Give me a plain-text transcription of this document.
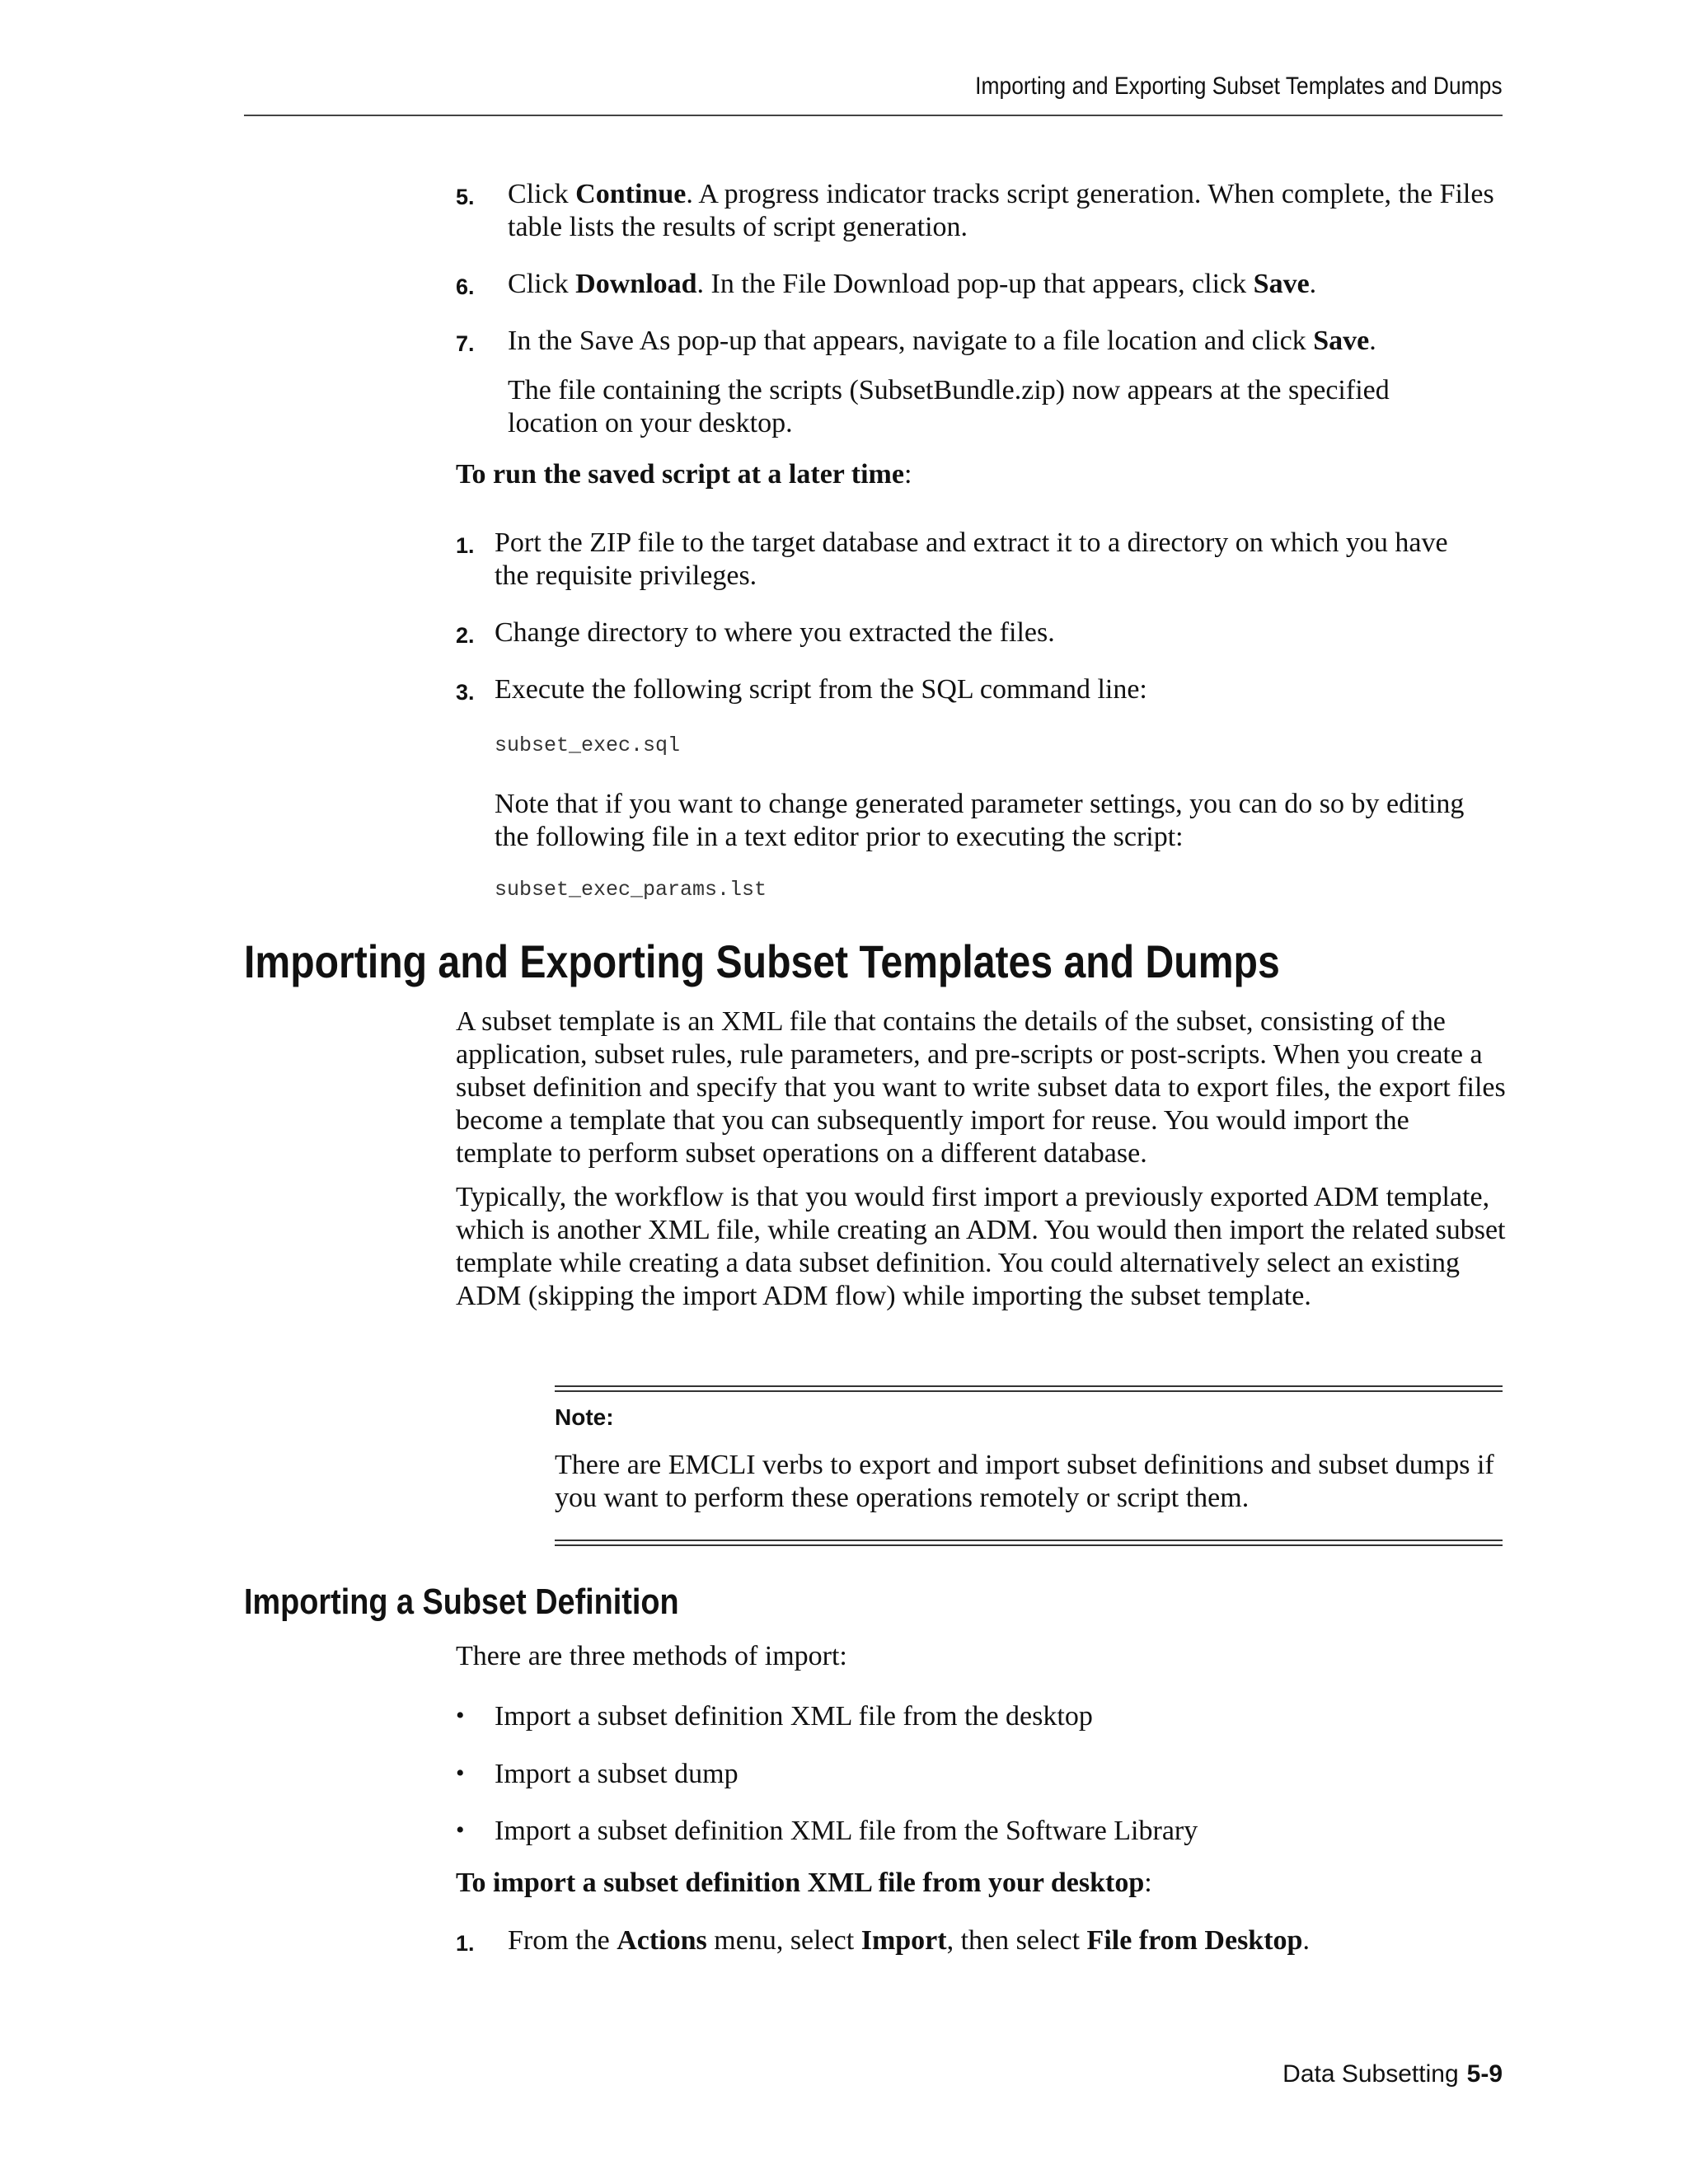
Importing and Exporting Subset Templates and Dumps
5. Click Continue. A progress indicator tracks script generation. When complete, the Files table lists the results of script generation.
6. Click Download. In the File Download pop-up that appears, click Save.
7. In the Save As pop-up that appears, navigate to a file location and click Save.
The file containing the scripts (SubsetBundle.zip) now appears at the specified location on your desktop.
To run the saved script at a later time:
1. Port the ZIP file to the target database and extract it to a directory on which you have the requisite privileges.
2. Change directory to where you extracted the files.
3. Execute the following script from the SQL command line:
subset_exec.sql
Note that if you want to change generated parameter settings, you can do so by editing the following file in a text editor prior to executing the script:
subset_exec_params.lst
Importing and Exporting Subset Templates and Dumps
A subset template is an XML file that contains the details of the subset, consisting of the application, subset rules, rule parameters, and pre-scripts or post-scripts. When you create a subset definition and specify that you want to write subset data to export files, the export files become a template that you can subsequently import for reuse. You would import the template to perform subset operations on a different database.
Typically, the workflow is that you would first import a previously exported ADM template, which is another XML file, while creating an ADM. You would then import the related subset template while creating a data subset definition. You could alternatively select an existing ADM (skipping the import ADM flow) while importing the subset template.
Note:
There are EMCLI verbs to export and import subset definitions and subset dumps if you want to perform these operations remotely or script them.
Importing a Subset Definition
There are three methods of import:
• Import a subset definition XML file from the desktop
• Import a subset dump
• Import a subset definition XML file from the Software Library
To import a subset definition XML file from your desktop:
1. From the Actions menu, select Import, then select File from Desktop.
Data Subsetting 5-9
